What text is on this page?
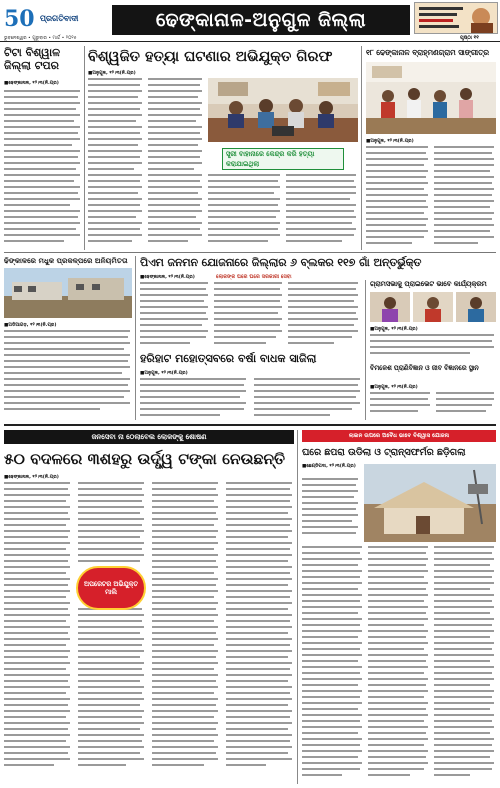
50 ପ୍ରଗତିବାଦୀ	ଢେଙ୍କାନାଳ-ଅନୁଗୁଳ ଜିଲ୍ଲା
ଭୁବନେଶ୍ୱର • ଗୁରୁବାର • ମାର୍ଚ୍ଚ • ୨୦୨୫	ପୃଷ୍ଠା ୧୧
ଟିଟା ବିଶ୍ୱାଳ ଜିଲ୍ଲା ଟପର
■ଢେଙ୍କାନାଳ, ୧୨।୩(ନି.ପ୍ର)
ବିଶ୍ୱଜିତ ହତ୍ୟା ଘଟଣାର ଅଭିଯୁକ୍ତ ଗିରଫ
■ଅନୁଗୁଳ, ୧୨।୩(ନି.ପ୍ର)
ସ୍ତ୍ରୀ ବାହାନାରେ କେନ୍ଦ୍ର କରି ହତ୍ୟା କରାଯାଇଥିଲା
୧୮ ଢେଙ୍କାନାଳ ବ୍ରାହ୍ମଣଗ୍ରାମ ସାଙ୍ଗୀତ୍ର
■ଅନୁଗୁଳ, ୧୨।୩(ନି.ପ୍ର)
ଢିଙ୍କାଳରେ ମଧୁକ ପ୍ରକଳ୍ପରେ ଅନିୟମିତତା
■ଅଡିଆଗଡ଼, ୧୨।୩(ନି.ପ୍ର)
ପିଏମ ଜନମନ ଯୋଜନାରେ ଜିଲ୍ଲାର ୬ ବ୍ଲକର ୧୧୭ ଗାଁ ଅନ୍ତର୍ଭୁକ୍ତ
■ଢେଙ୍କାନାଳ, ୧୨।୩(ନି.ପ୍ର)	ଲୋକଙ୍କ ଘରେ ଘରେ ସରକାରୀ ସେବା
ହରିହାଟ ମହୋତ୍ସବରେ ବର୍ଷା ବାଧକ ସାଜିଲା
■ଅନୁଗୁଳ, ୧୨।୩(ନି.ପ୍ର)
ଗ୍ରାମସଭାକୁ ପ୍ରାଇଭେଟ ଭାବେ କାର୍ଯ୍ୟକ୍ରମ
■ଅନୁଗୁଳ, ୧୨।୩(ନି.ପ୍ର)
ବିମଳେଶ ପ୍ରାଣିବିଜ୍ଞାନ ଓ ଜୀବ ବିଜ୍ଞାନରେ ସ୍ଥାନ
■ଅନୁଗୁଳ, ୧୨।୩(ନି.ପ୍ର)
ଜନସେବା ନା ଠେଲାବେଲ ଲୋକଙ୍କୁ ଶୋଷଣ
୫୦ ବଦଳରେ ୩ଶହରୁ ଉର୍ଦ୍ଧ୍ୱ ଟଙ୍କା ନେଉଛନ୍ତି
■ଢେଙ୍କାନାଳ, ୧୨।୩(ନି.ପ୍ର)
ଅପରେଟର ଅଭିଯୁକ୍ତ ମାଲି
ଲାଇନ ଉପରେ ଅବୈଧ ଭାବେ ବିଶ୍ୱାସ ଯୋଜନା
ଘରେ ଛପରା ଉଡିଲା ଓ ଟ୍ରାନ୍ସଫର୍ମର ଛଡ଼ିଗଲା
■ଛେଣ୍ଡିପଦା, ୧୨।୩(ନି.ପ୍ର)
